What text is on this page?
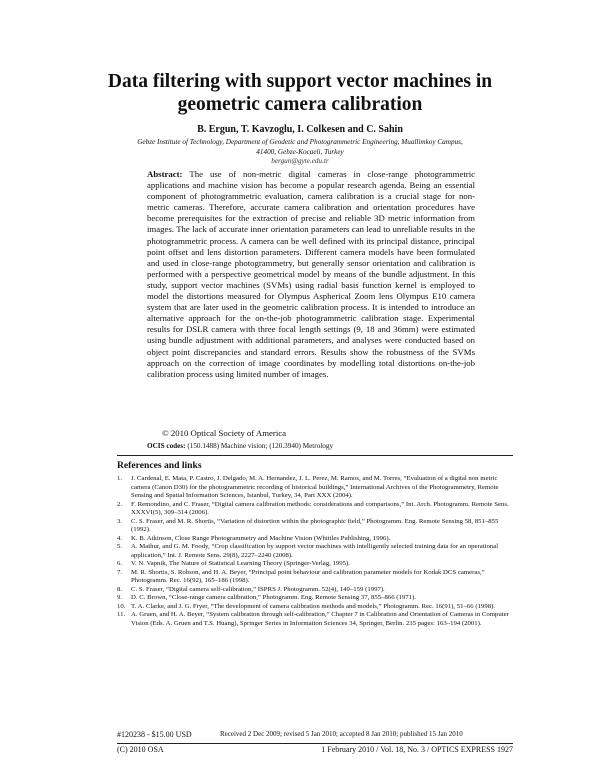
Data filtering with support vector machines in
geometric camera calibration
B. Ergun, T. Kavzoglu, I. Colkesen and C. Sahin
Gebze Institute of Technology, Department of Geodetic and Photogrammetric Engineering, Muallimkoy Campus,
41400, Gebze-Kocaeli, Turkey
bergun@gyte.edu.tr
Abstract: The use of non-metric digital cameras in close-range photogrammetric applications and machine vision has become a popular research agenda. Being an essential component of photogrammetric evaluation, camera calibration is a crucial stage for non-metric cameras. Therefore, accurate camera calibration and orientation procedures have become prerequisites for the extraction of precise and reliable 3D metric information from images. The lack of accurate inner orientation parameters can lead to unreliable results in the photogrammetric process. A camera can be well defined with its principal distance, principal point offset and lens distortion parameters. Different camera models have been formulated and used in close-range photogrammetry, but generally sensor orientation and calibration is performed with a perspective geometrical model by means of the bundle adjustment. In this study, support vector machines (SVMs) using radial basis function kernel is employed to model the distortions measured for Olympus Aspherical Zoom lens Olympus E10 camera system that are later used in the geometric calibration process. It is intended to introduce an alternative approach for the on-the-job photogrammetric calibration stage. Experimental results for DSLR camera with three focal length settings (9, 18 and 36mm) were estimated using bundle adjustment with additional parameters, and analyses were conducted based on object point discrepancies and standard errors. Results show the robustness of the SVMs approach on the correction of image coordinates by modelling total distortions on-the-job calibration process using limited number of images.
© 2010 Optical Society of America
OCIS codes: (150.1488) Machine vision; (120.3940) Metrology
References and links
1. J. Cardenal, E. Mata, P. Castro, J. Delgado, M. A. Hernandez, J. L. Perez, M. Ramos, and M. Torres, “Evaluation of a digital non metric camera (Canon D30) for the photogrammetric recording of historical buildings,” International Archives of the Photogrammetry, Remote Sensing and Spatial Information Sciences, Istanbul, Turkey, 34, Part XXX (2004).
2. F. Remondino, and C. Fraser, “Digital camera calibration methods: considerations and comparisons,” Int. Arch. Photogramm. Remote Sens. XXXVI(5), 309–314 (2006).
3. C. S. Fraser, and M. R. Shortis, “Variation of distortion within the photographic field,” Photogramm. Eng. Remote Sensing 58, 851–855 (1992).
4. K. B. Atkinson, Close Range Photogrammetry and Machine Vision (Whittles Publishing, 1996).
5. A. Mathur, and G. M. Foody, “Crop classification by support vector machines with intelligently selected training data for an operational application,” Int. J. Remote Sens. 29(8), 2227–2240 (2008).
6. V. N. Vapnik, The Nature of Statistical Learning Theory (Springer-Verlag, 1995).
7. M. R. Shortis, S. Robson, and H. A. Beyer, “Principal point behaviour and calibration parameter models for Kodak DCS cameras,” Photogramm. Rec. 16(92), 165–186 (1998).
8. C. S. Fraser, “Digital camera self-calibration,” ISPRS J. Photogramm. 52(4), 149–159 (1997).
9. D. C. Brown, “Close-range camera calibration,” Photogramm. Eng. Remote Sensing 37, 855–866 (1971).
10. T. A. Clarke, and J. G. Fryer, “The development of camera calibration methods and models,” Photogramm. Rec. 16(91), 51–66 (1998).
11. A. Gruen, and H. A. Beyer, “System calibration through self-calibration,” Chapter 7 in Calibration and Orientation of Cameras in Computer Vision (Eds. A. Gruen and T.S. Huang), Springer Series in Information Sciences 34, Springer, Berlin. 235 pages: 163–194 (2001).
#120238 - $15.00 USD	Received 2 Dec 2009; revised 5 Jan 2010; accepted 8 Jan 2010; published 15 Jan 2010
(C) 2010 OSA	1 February 2010 / Vol. 18, No. 3 / OPTICS EXPRESS 1927
